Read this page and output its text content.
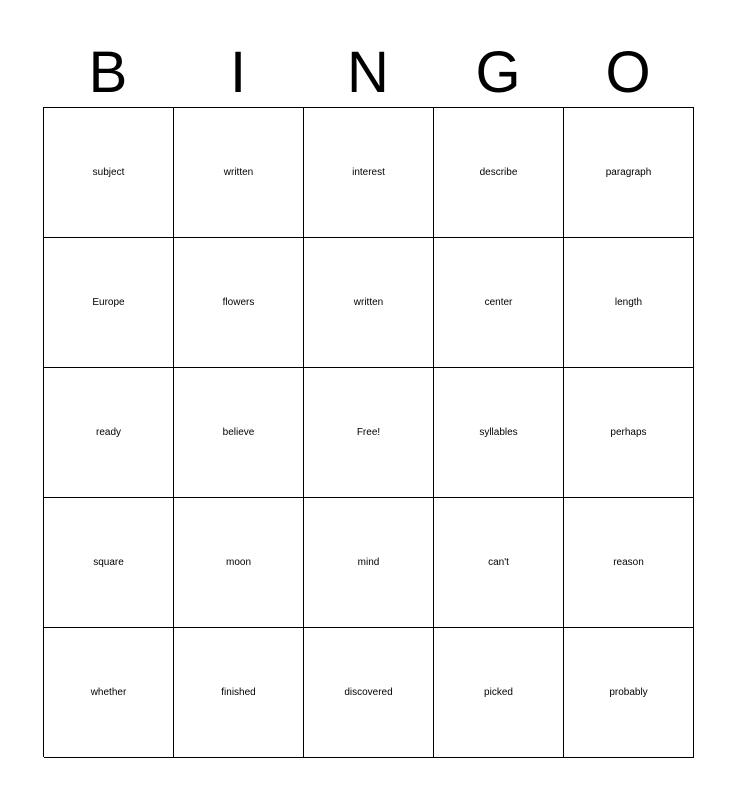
B	I	N	G	O
subject	written	interest	describe	paragraph
Europe	flowers	written	center	length
ready	believe	Free!	syllables	perhaps
square	moon	mind	can't	reason
whether	finished	discovered	picked	probably
